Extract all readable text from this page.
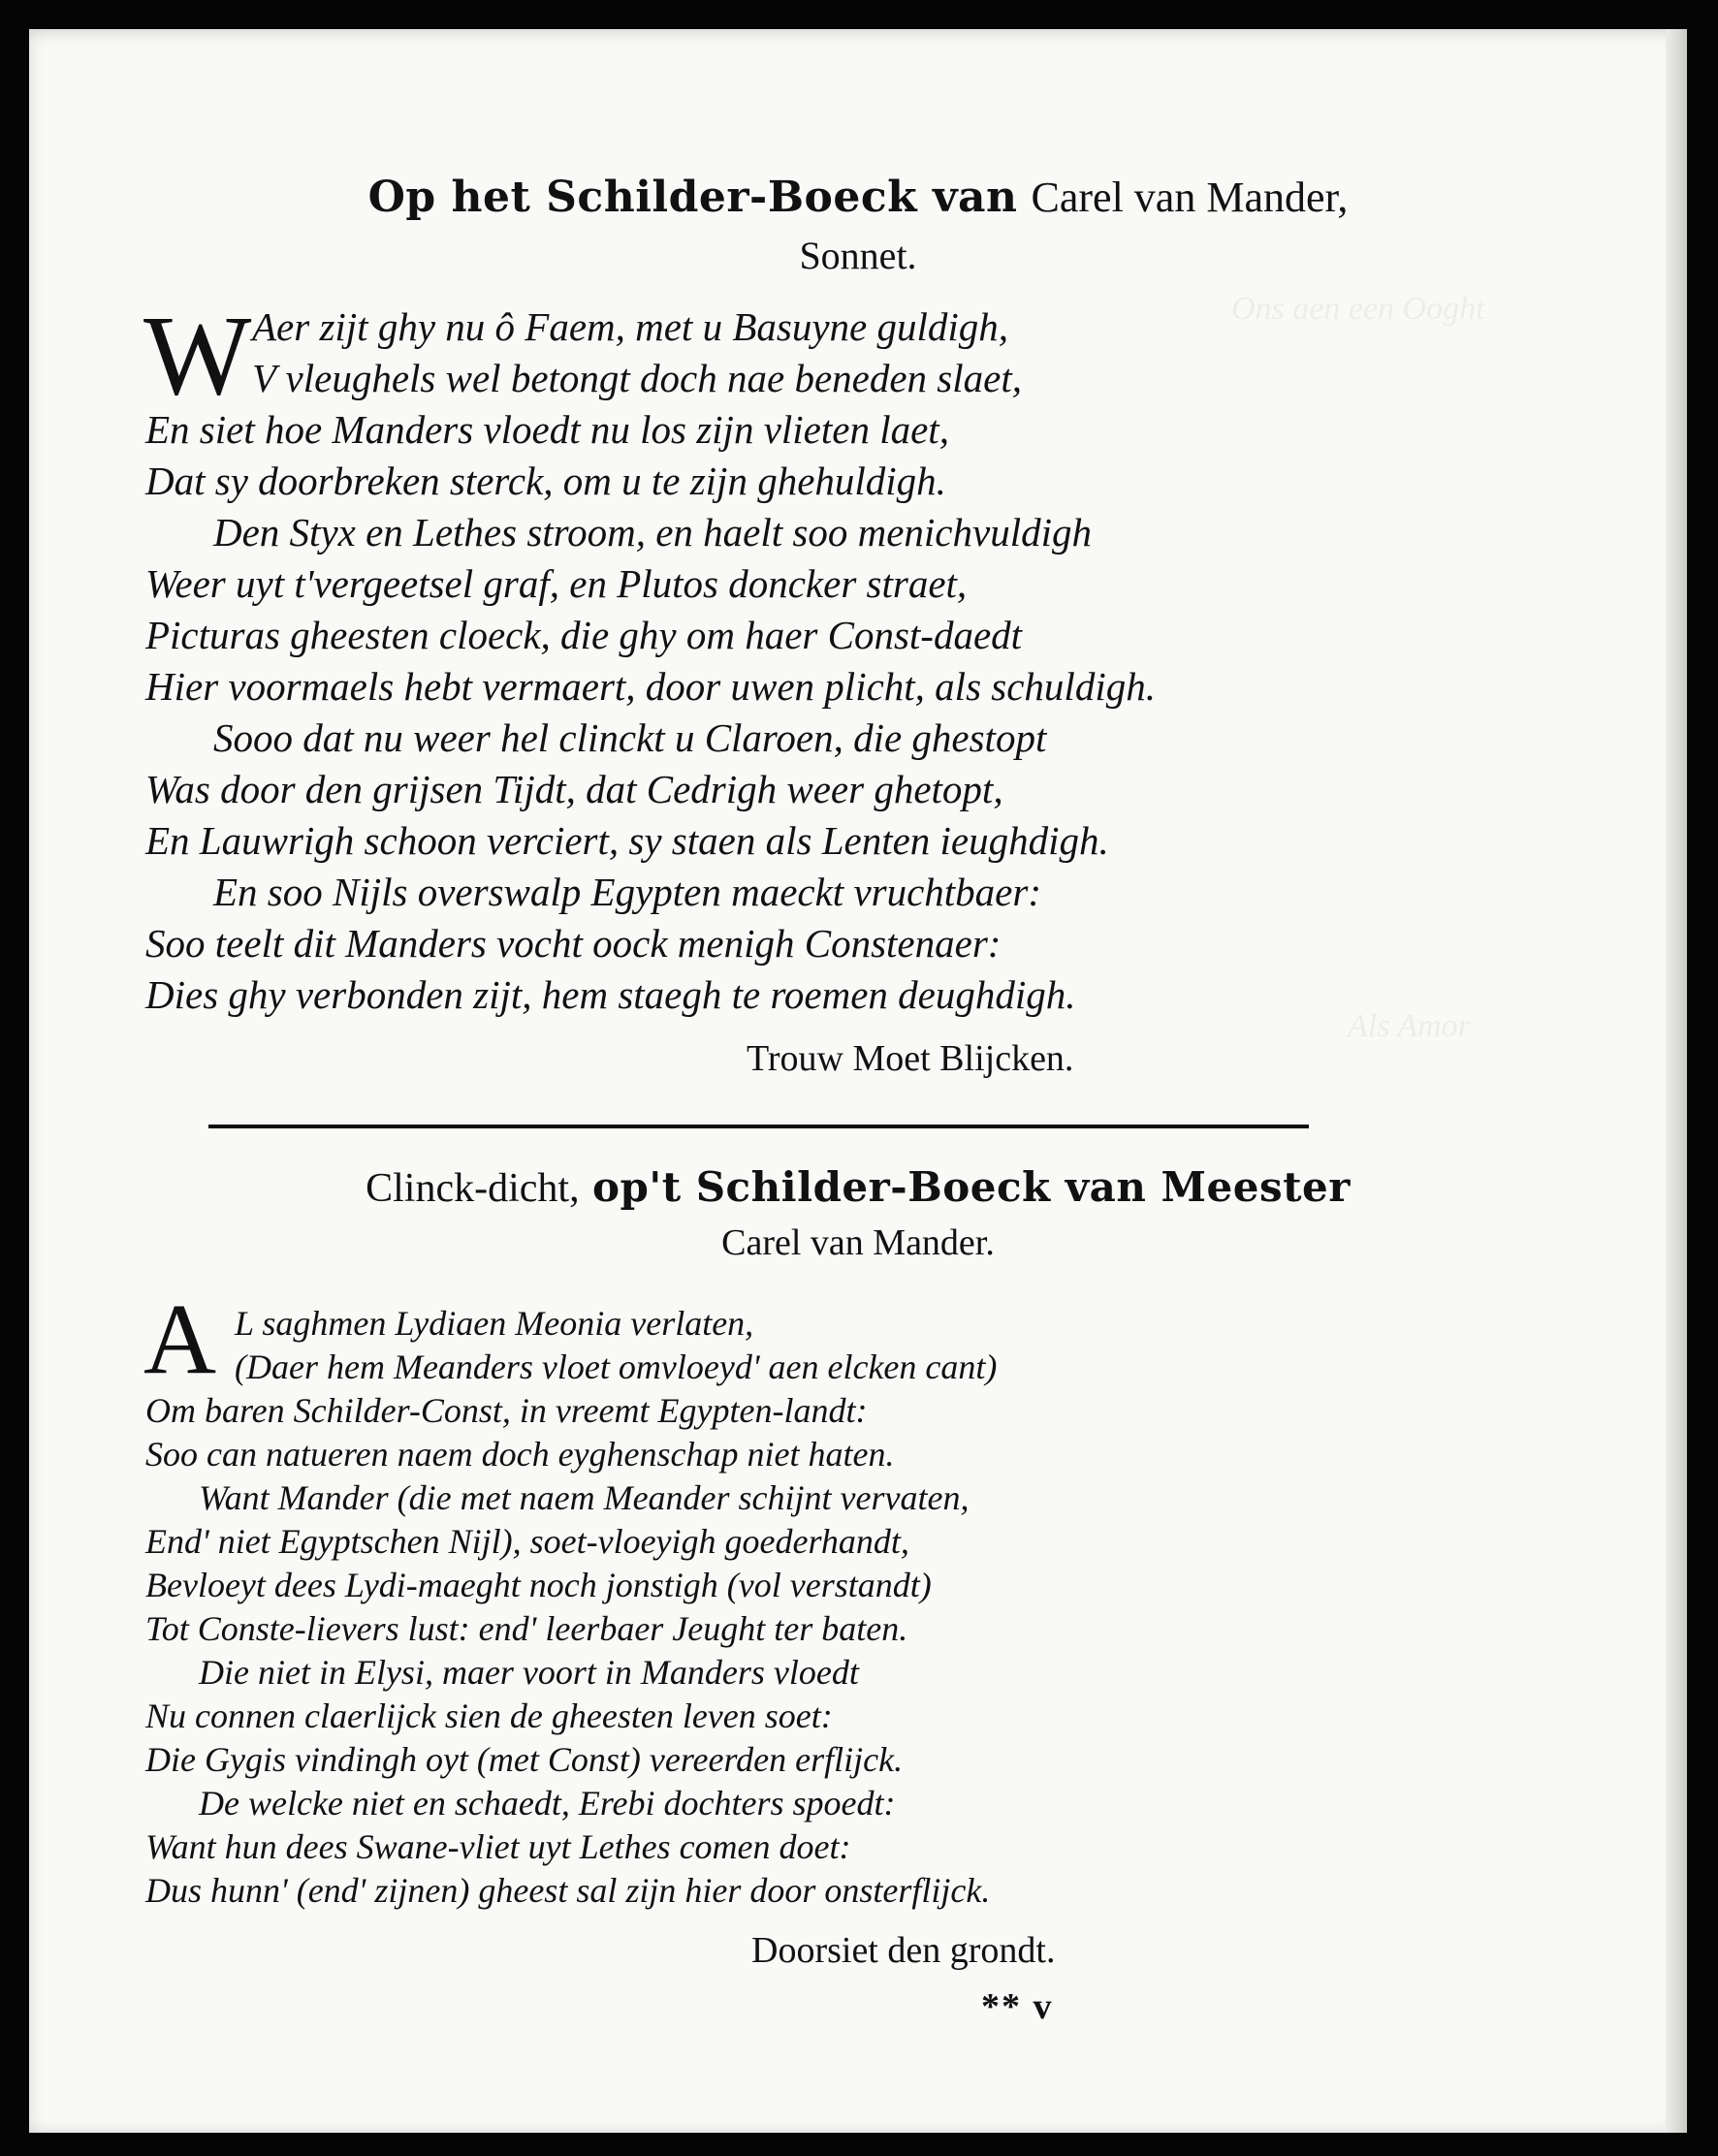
Ons aen een Ooght
Als Amor
Op het Schilder-Boeck van Carel van Mander,
Sonnet.
W Aer zijt ghy nu ô Faem, met u Basuyne guldigh,
V vleughels wel betongt doch nae beneden slaet,
En siet hoe Manders vloedt nu los zijn vlieten laet,
Dat sy doorbreken sterck, om u te zijn ghehuldigh.
Den Styx en Lethes stroom, en haelt soo menichvuldigh
Weer uyt t'vergeetsel graf, en Plutos doncker straet,
Picturas gheesten cloeck, die ghy om haer Const-daedt
Hier voormaels hebt vermaert, door uwen plicht, als schuldigh.
Sooo dat nu weer hel clinckt u Claroen, die ghestopt
Was door den grijsen Tijdt, dat Cedrigh weer ghetopt,
En Lauwrigh schoon verciert, sy staen als Lenten ieughdigh.
En soo Nijls overswalp Egypten maeckt vruchtbaer:
Soo teelt dit Manders vocht oock menigh Constenaer:
Dies ghy verbonden zijt, hem staegh te roemen deughdigh.
Trouw Moet Blijcken.
Clinck-dicht, op't Schilder-Boeck van Meester
Carel van Mander.
A L saghmen Lydiaen Meonia verlaten,
(Daer hem Meanders vloet omvloeyd' aen elcken cant)
Om baren Schilder-Const, in vreemt Egypten-landt:
Soo can natueren naem doch eyghenschap niet haten.
Want Mander (die met naem Meander schijnt vervaten,
End' niet Egyptschen Nijl), soet-vloeyigh goederhandt,
Bevloeyt dees Lydi-maeght noch jonstigh (vol verstandt)
Tot Conste-lievers lust: end' leerbaer Jeught ter baten.
Die niet in Elysi, maer voort in Manders vloedt
Nu connen claerlijck sien de gheesten leven soet:
Die Gygis vindingh oyt (met Const) vereerden erflijck.
De welcke niet en schaedt, Erebi dochters spoedt:
Want hun dees Swane-vliet uyt Lethes comen doet:
Dus hunn' (end' zijnen) gheest sal zijn hier door onsterflijck.
Doorsiet den grondt.
** v
